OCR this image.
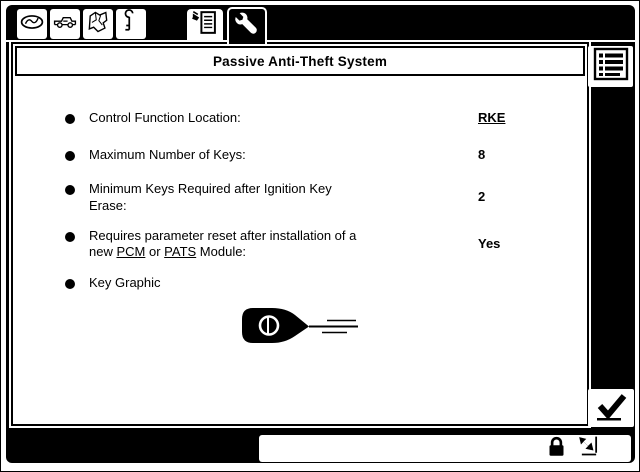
Passive Anti-Theft System
Control Function Location:	RKE
Maximum Number of Keys:	8
Minimum Keys Required after Ignition Key
Erase:
2
Requires parameter reset after installation of a
new PCM or PATS Module:
Yes
Key Graphic
